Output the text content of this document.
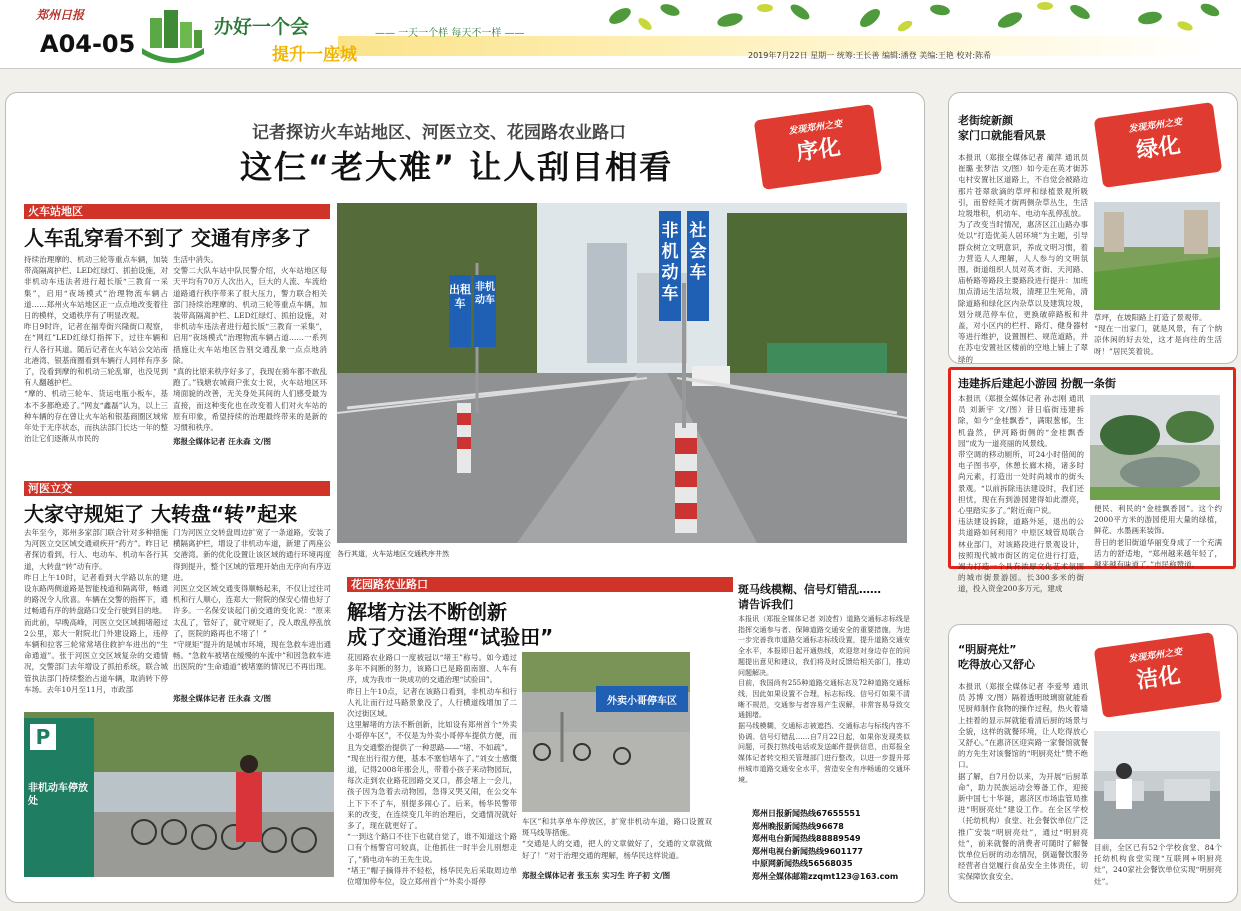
郑州日报
A04-05
办好一个会
提升一座城
—— 一天一个样 每天不一样 ——
2019年7月22日 星期一 统筹:王长善 编辑:潘登 美编:王艳 校对:陈希
记者探访火车站地区、河医立交、花园路农业路口
这仨“老大难” 让人刮目相看
发现郑州之变
序化
火车站地区
人车乱穿看不到了 交通有序多了
持续治理摩的、机动三轮等重点车辆，加装带高隔离护栏、LED红绿灯、抓拍设施，对非机动车违法者进行超长版“三教育一采集”，启用“夜场模式”治理物流车辆占道……郑州火车站地区正一点点地改变着往日的模样，交通秩序有了明显改观。
昨日9时许，记者在福寿街兴隆街口观察，在“网红”LED红绿灯指挥下，过往车辆和行人各行其道。随后记者在火车站公交站南北港湾、银基商圈看到车辆行人同样有序多了，没看到摩的和机动三轮乱窜，也没见到有人翻越护栏。
“摩的、机动三轮车、货运电瓶小板车，基本不多都绝迹了。”网友“鑫磊”认为，以上三种车辆的存在曾让火车站和银基商圈区域常年处于无序状态，而执法部门长达一年的整治让它们逐渐从市民的
生活中消失。
交警二大队车站中队民警介绍，火车站地区每天平均有70万人次出入，巨大的人流、车流给道路通行秩序带来了很大压力，警力联合相关部门持续治理摩的、机动三轮等重点车辆，加装带高隔离护栏、LED红绿灯、抓拍设施，对非机动车违法者进行超长版“三教育一采集”，启用“夜场模式”治理物流车辆占道……一系列措施让火车站地区告别交通乱象一点点地消除。
“真的比原来秩序好多了，我现在骑车都不敢乱跑了。”钱塘农城商户张女士说，火车站地区环境面貌的改善，无关身处其间的人们感受最为直接，而这种变化也在改变着人们对火车站的原有印象，希望持续的治理最终带来的是新的习惯和秩序。
郑报全媒体记者 汪永森 文/图
出租车
非机动车
非机动车
社会车
各行其道，火车站地区交通秩序井然
河医立交
大家守规矩了 大转盘“转”起来
去年至今，郑州多家部门联合针对多种措施为河医立交区域交通顽疾开“药方”。昨日记者探访看到，行人、电动车、机动车各行其道，大转盘“转”动有序。
昨日上午10时，记者看到大学路以东的建设东路两侧道路是智能栈道和隔离带，畅通的路况令人欣喜。车辆在交警的指挥下，通过畅通有序的转盘路口安全行驶到目的地。
而此前，早晚高峰，河医立交区域拥堵超过2公里，郑大一附院北门外建设路上，违停车辆和拉客三轮常常堵住救护车进出的“生命通道”。张于河医立交区域复杂的交通情况，交警部门去年增设了抓拍系统，联合城管执法部门持续整治占道车辆，取消转下停车场。去年10月至11月，市政部
门为河医立交转盘周边扩宽了一条道路，安装了横隔离护栏，增设了非机动车道，新建了两座公交港湾。新的优化设置让该区域的通行环境再度得到提升，整个区域的管理开始由无序向有序迈进。
河医立交区域交通变得顺畅起来，不仅让过往司机和行人顺心，连郑大一附院的保安心情也好了许多。一名保安谈起门前交通的变化说：“原来太乱了，管好了，就守规矩了，没人敢乱停乱放了，医院的路再也不堵了！”
“守规矩”提升的是城市环境，现在急救车进出通畅。“急救车被堵在缓慢的车流中”和因急救车进出医院的“生命通道”被堵塞的情况已不再出现。
郑报全媒体记者 汪永森 文/图
P
非机动车停放处
花园路农业路口
解堵方法不断创新
成了交通治理“试验田”
花园路农业路口一度被冠以“堵王”称号。如今通过多年不间断的努力，该路口已是路面南窗、人车有序，成为我市一块成功的交通治理“试验田”。
昨日上午10点，记者在该路口看到，非机动车和行人礼让而行过马路景象没了，人行横道线增加了二次过街区域。
这里解堵的方法不断创新，比如设有郑州首个“外卖小哥停车区”，不仅是为外卖小哥停车提供方便，而且为交通整治提供了一种思路——“堵、不如疏”。
“现在出行很方便，基本不塞怕堵车了。”刘女士感慨道，记得2008年那会儿，带着小孩子来动物园玩，每次走到农业路花园路交叉口，都会堵上一会儿，孩子因为急着去动物园，急得又哭又闹，在公交车上下下不了车，别提多闹心了。后来，杨华民警带来的改变，在连续变几年的治理后，交通情况就好多了，现在就更好了。
“一到这个路口不往下也就自觉了，谁不知道这个路口有个杨警官可较真，让他抓住一时半会儿别想走了，”骑电动车的王先生说。
“堵王”帽子摘得并不轻松，杨华民先后采取周边单位增加停车位，设立郑州首个“外卖小哥停
外卖小哥停车区
车区”和共享单车停放区，扩宽非机动车道，路口设置双斑马线等措施。
“交通是人的交通，把人的文章做好了，交通的文章就做好了！”对于治理交通的理解，杨华民这样说道。
郑报全媒体记者 张玉东 实习生 许子初 文/图
斑马线模糊、信号灯错乱……
请告诉我们
本报讯（郑报全媒体记者 刘凌哲）道路交通标志标线是指挥交通参与者、保障道路交通安全的重要措施，为进一步完善我市道路交通标志标线设置，提升道路交通安全水平，本报即日起开通热线，欢迎您对身边存在的问题提出意见和建议，我们将及时反馈给相关部门，推动问题解决。
目前，我国尚有255种道路交通标志及72种道路交通标线，因此如果设置不合理，标志标线、信号灯如果不清晰不规范，交通参与者容易产生误解，非常容易导致交通拥堵。
据马线模糊，交通标志被遮挡、交通标志与标线内容不协调、信号灯错乱……自7月22日起，如果你发现类似问题，可拨打热线电话或发送邮件提供信息，由郑报全媒体记者转交相关管理部门进行整改，以进一步提升郑州城市道路交通安全水平，营造安全有序畅通的交通环境。
郑州日报新闻热线67655551
郑州晚报新闻热线96678
郑州电台新闻热线88889549
郑州电视台新闻热线9601177
中原网新闻热线56568035
郑州全媒体邮箱zzqmt123@163.com
老街绽新颜
家门口就能看风景
发现郑州之变
绿化
本报讯（郑报全媒体记者 蔺萍 通讯员 崔璐 张梦洁 文/图）如今走在英才街苏屯村安置社区道路上，不自觉会被路边那片苍翠欲滴的草坪和绿植景观所吸引，而曾经英才街两侧杂草丛生，生活垃圾堆积，机动车、电动车乱停乱放。
为了改变当时情况，惠济区江山路办事处以“打造优美人居环境”为主题，引导群众树立文明意识，养成文明习惯，着力营造人人理解，人人参与的文明氛围。街道组织人员对英才街、天河路、庙桥路等路段主要路段进行提升：加班加点清运生活垃圾，清理卫生死角，清除道路和绿化区内杂草以及建筑垃圾，划分规范停车位，更换破碎路板和井盖，对小区内的栏杆、路灯、健身器材等进行维护，设置围栏、规范道路，并在苏屯安置社区楼前的空地上铺上了翠绿的
草坪，在坡阳路上打造了景观带。
“现在一出家门，就是风景，有了个纳凉休闲的好去处，这才是向往的生活呀！”居民笑着说。
违建拆后建起小游园 扮靓一条街
本报讯（郑报全媒体记者 孙志刚 通讯员 刘新宇 文/图）昔日临街违建拆除，如今“金桂飘香”，满眼葱郁，生机盎然，伊河路街侧的“金桂飘香园”成为一道亮丽的风景线。
带空调的移动厕所，可24小时借阅的电子图书亭，休憩长廊木椅，诸多时尚元素，打造出一处时尚城市的街头景观。“以前拆除违法建设时，我们还担忧，现在有到游园建得如此漂亮，心里踏实多了。”附近商户说。
违法建设拆除，道路外延，退出的公共道路如何利用？中原区城管局联合林业部门，对该路段进行景观设计，按照现代城市街区的定位进行打造，竭力打造一个具有浓厚文化艺术氛围的城市街景游园。长300多米的街道，投入资金200多万元，建成
便民、利民的“金桂飘香园”。这个约2000平方米的游园使用大量的绿植，鲜花、水墨画来装饰。
昔日的老旧街道华丽变身成了一个充满活力的舒适地，“郑州越来越年轻了，越来越有味道了。”市民称赞道。
“明厨亮灶”
吃得放心又舒心	发现郑州之变
洁化
本报讯（郑报全媒体记者 李爱琴 通讯员 苏博 文/图）隔着透明玻璃窗就能看见厨师制作食物的操作过程，热火着墙上挂着的显示屏就能看清后厨的场景与全貌，这样的就餐环境，让人吃得放心又舒心。”在惠济区迎宾路一家餐馆就餐的方先生对该餐馆的“明厨亮灶”赞不绝口。
据了解，自7月份以来，为开展“后厨革命”，助力民族运动会筹备工作，迎接新中国七十华诞，惠济区市场监管局推进“明厨亮灶”建设工作。在全区学校（托幼机构）食堂、社会餐饮单位广泛推广安装“明厨亮灶”，通过“明厨亮灶”，前来就餐的消费者可随时了解餐饮单位后厨的动态情况，倒逼餐饮服务经营者自觉履行食品安全主体责任，切实保障饮食安全。
目前，全区已有52个学校食堂、84个托幼机构食堂实现“互联网+明厨亮灶”，240家社会餐饮单位实现“明厨亮灶”。
